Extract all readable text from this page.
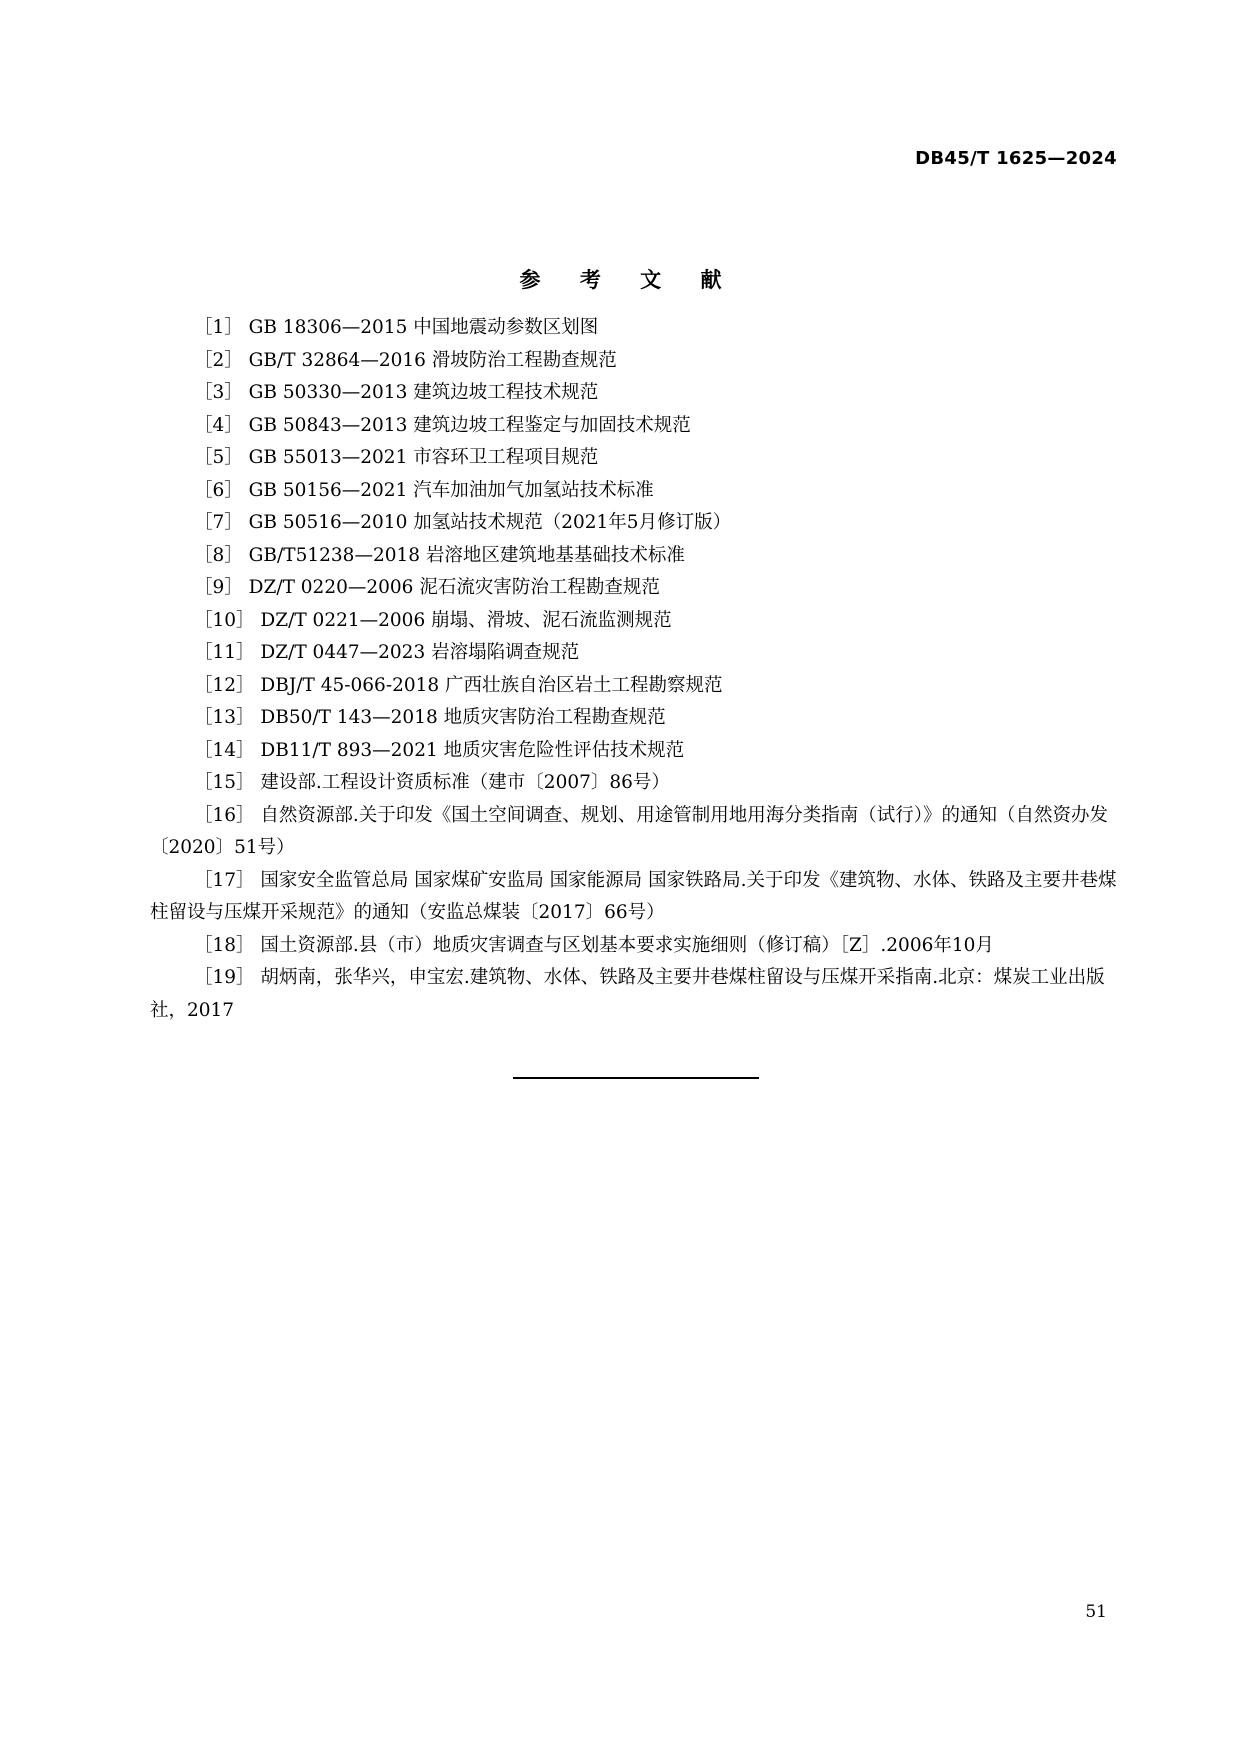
DB45/T 1625—2024
参 考 文 献
［1］ GB 18306—2015 中国地震动参数区划图
［2］ GB/T 32864—2016 滑坡防治工程勘查规范
［3］ GB 50330—2013 建筑边坡工程技术规范
［4］ GB 50843—2013 建筑边坡工程鉴定与加固技术规范
［5］ GB 55013—2021 市容环卫工程项目规范
［6］ GB 50156—2021 汽车加油加气加氢站技术标准
［7］ GB 50516—2010 加氢站技术规范（2021年5月修订版）
［8］ GB/T51238—2018 岩溶地区建筑地基基础技术标准
［9］ DZ/T 0220—2006 泥石流灾害防治工程勘查规范
［10］ DZ/T 0221—2006 崩塌、滑坡、泥石流监测规范
［11］ DZ/T 0447—2023 岩溶塌陷调查规范
［12］ DBJ/T 45-066-2018 广西壮族自治区岩土工程勘察规范
［13］ DB50/T 143—2018 地质灾害防治工程勘查规范
［14］ DB11/T 893—2021 地质灾害危险性评估技术规范
［15］ 建设部.工程设计资质标准（建市〔2007〕86号）
［16］ 自然资源部.关于印发《国土空间调查、规划、用途管制用地用海分类指南（试行）》的通知（自然资办发〔2020〕51号）
［17］ 国家安全监管总局 国家煤矿安监局 国家能源局 国家铁路局.关于印发《建筑物、水体、铁路及主要井巷煤柱留设与压煤开采规范》的通知（安监总煤装〔2017〕66号）
［18］ 国土资源部.县（市）地质灾害调查与区划基本要求实施细则（修订稿）［Z］.2006年10月
［19］ 胡炳南，张华兴，申宝宏.建筑物、水体、铁路及主要井巷煤柱留设与压煤开采指南.北京：煤炭工业出版社，2017
51
